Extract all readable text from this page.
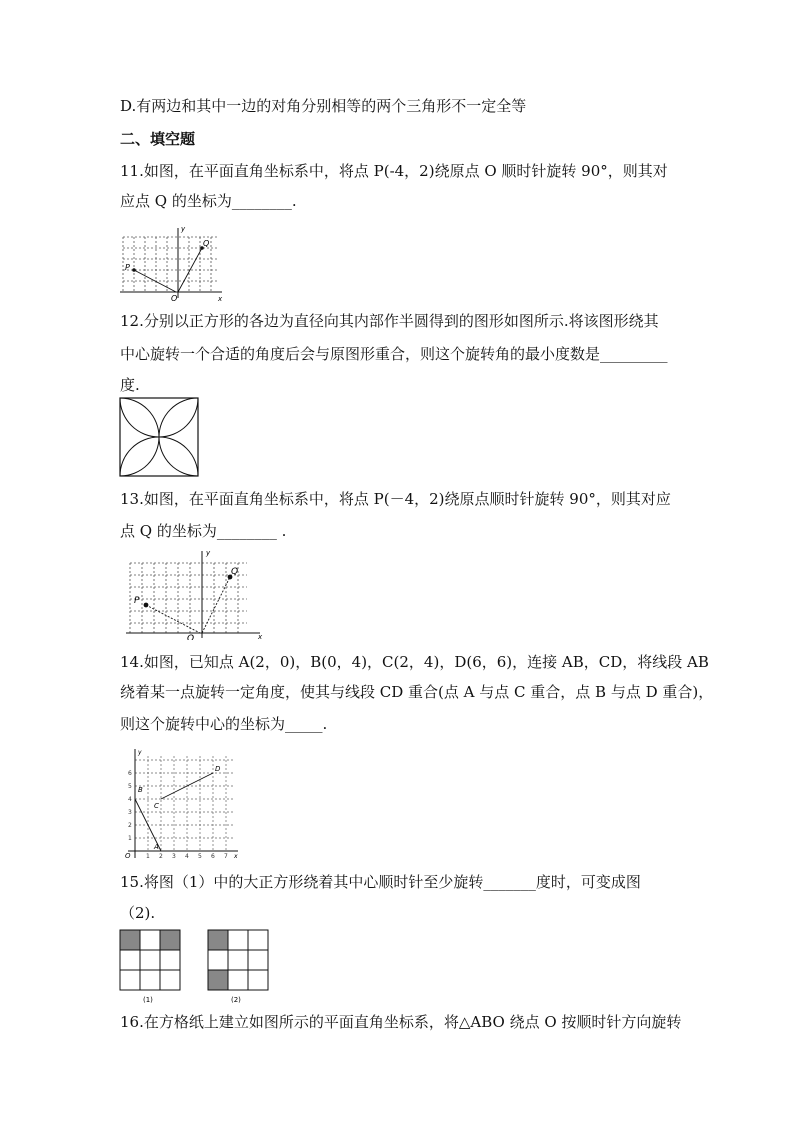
D.有两边和其中一边的对角分别相等的两个三角形不一定全等
二、填空题
11.如图，在平面直角坐标系中，将点 P(-4，2)绕原点 O 顺时针旋转 90°，则其对
应点 Q 的坐标为________.
P
Q
O	x
y
12.分别以正方形的各边为直径向其内部作半圆得到的图形如图所示.将该图形绕其
中心旋转一个合适的角度后会与原图形重合，则这个旋转角的最小度数是_________
度.
13.如图，在平面直角坐标系中，将点 P(－4，2)绕原点顺时针旋转 90°，则其对应
点 Q 的坐标为________ .
P
Q
O	x
y
14.如图，已知点 A(2，0)，B(0，4)，C(2，4)，D(6，6)，连接 AB，CD，将线段 AB
绕着某一点旋转一定角度，使其与线段 CD 重合(点 A 与点 C 重合，点 B 与点 D 重合)，
则这个旋转中心的坐标为_____.
A
B
C
D
O	x
y
1 2 3 4 5 6 7
1
2
3
4
5
6
15.将图（1）中的大正方形绕着其中心顺时针至少旋转_______度时，可变成图
（2).
(1)	(2)
16.在方格纸上建立如图所示的平面直角坐标系，将△ABO 绕点 O 按顺时针方向旋转
